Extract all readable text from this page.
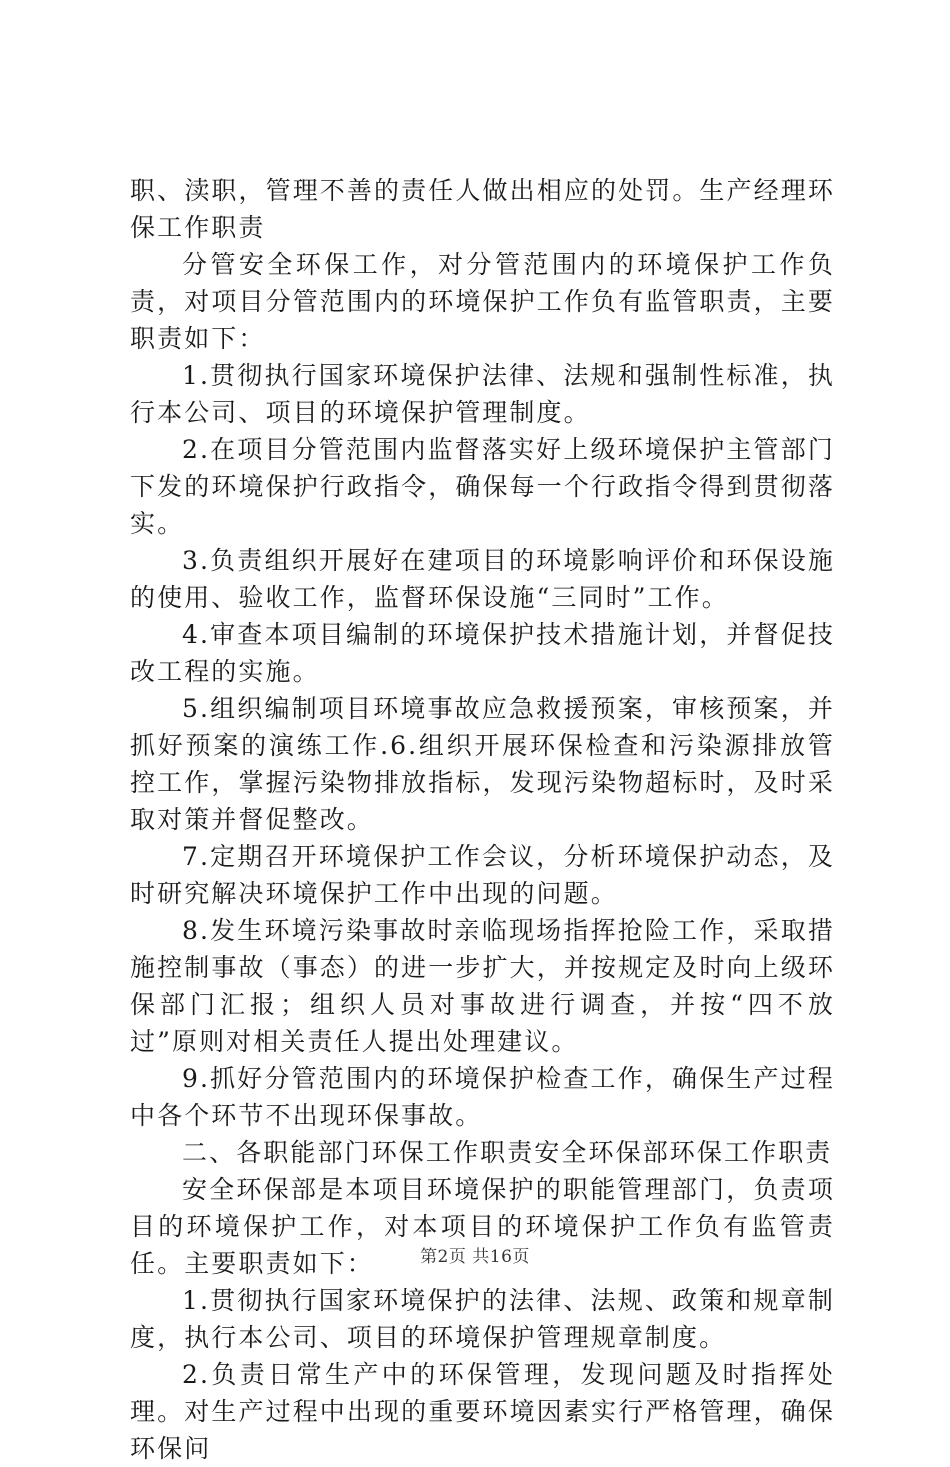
职、渎职，管理不善的责任人做出相应的处罚。生产经理环保工作职责

分管安全环保工作，对分管范围内的环境保护工作负责，对项目分管范围内的环境保护工作负有监管职责，主要职责如下：

1.贯彻执行国家环境保护法律、法规和强制性标准，执行本公司、项目的环境保护管理制度。

2.在项目分管范围内监督落实好上级环境保护主管部门下发的环境保护行政指令，确保每一个行政指令得到贯彻落实。

3.负责组织开展好在建项目的环境影响评价和环保设施的使用、验收工作，监督环保设施“三同时”工作。

4.审查本项目编制的环境保护技术措施计划，并督促技改工程的实施。

5.组织编制项目环境事故应急救援预案，审核预案，并抓好预案的演练工作.6.组织开展环保检查和污染源排放管控工作，掌握污染物排放指标，发现污染物超标时，及时采取对策并督促整改。

7.定期召开环境保护工作会议，分析环境保护动态，及时研究解决环境保护工作中出现的问题。

8.发生环境污染事故时亲临现场指挥抢险工作，采取措施控制事故（事态）的进一步扩大，并按规定及时向上级环保部门汇报；组织人员对事故进行调查，并按“四不放过”原则对相关责任人提出处理建议。

9.抓好分管范围内的环境保护检查工作，确保生产过程中各个环节不出现环保事故。

二、各职能部门环保工作职责安全环保部环保工作职责

安全环保部是本项目环境保护的职能管理部门，负责项目的环境保护工作，对本项目的环境保护工作负有监管责任。主要职责如下：

1.贯彻执行国家环境保护的法律、法规、政策和规章制度，执行本公司、项目的环境保护管理规章制度。

2.负责日常生产中的环保管理，发现问题及时指挥处理。对生产过程中出现的重要环境因素实行严格管理，确保环保问

第2页 共16页
